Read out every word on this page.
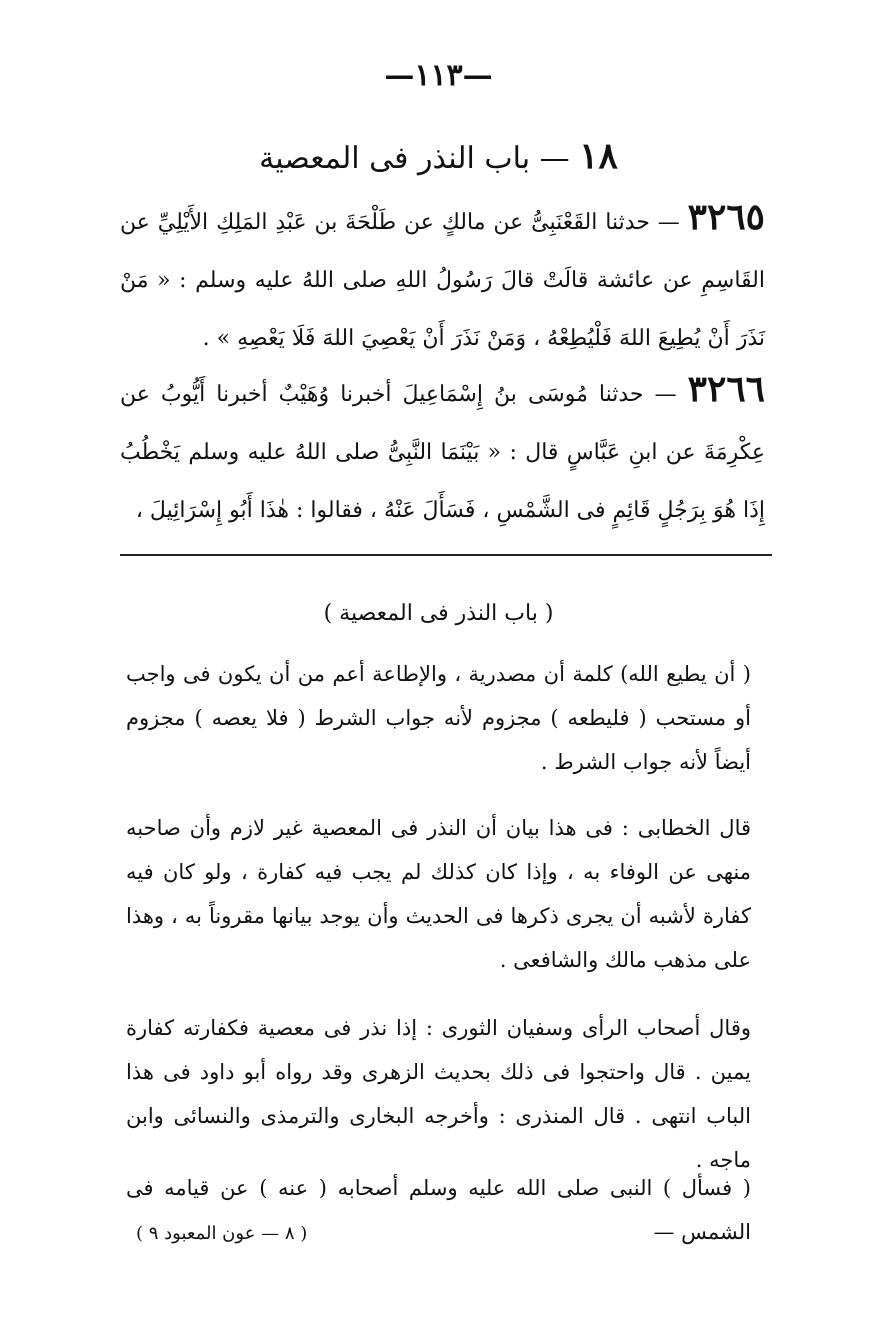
—١١٣—
١٨ — باب النذر فى المعصية
٣٢٦٥ — حدثنا القَعْنَبِىُّ عن مالكٍ عن طَلْحَةَ بن عَبْدِ المَلِكِ الأَيْلِيِّ عن القَاسِمِ عن عائشة قالَتْ قالَ رَسُولُ اللهِ صلى اللهُ عليه وسلم : « مَنْ نَذَرَ أَنْ يُطِيعَ اللهَ فَلْيُطِعْهُ ، وَمَنْ نَذَرَ أَنْ يَعْصِيَ اللهَ فَلَا يَعْصِهِ » .
٣٢٦٦ — حدثنا مُوسَى بنُ إِسْمَاعِيلَ أخبرنا وُهَيْبٌ أخبرنا أَيُّوبُ عن عِكْرِمَةَ عن ابنِ عَبَّاسٍ قال : « بَيْنَمَا النَّبِىُّ صلى اللهُ عليه وسلم يَخْطُبُ إِذَا هُوَ بِرَجُلٍ قَائِمٍ فى الشَّمْسِ ، فَسَأَلَ عَنْهُ ، فقالوا : هٰذَا أَبُو إِسْرَائِيلَ ،
( باب النذر فى المعصية )
( أن يطيع الله) كلمة أن مصدرية ، والإطاعة أعم من أن يكون فى واجب أو مستحب ( فليطعه ) مجزوم لأنه جواب الشرط ( فلا يعصه ) مجزوم أيضاً لأنه جواب الشرط .
قال الخطابى : فى هذا بيان أن النذر فى المعصية غير لازم وأن صاحبه منهى عن الوفاء به ، وإذا كان كذلك لم يجب فيه كفارة ، ولو كان فيه كفارة لأشبه أن يجرى ذكرها فى الحديث وأن يوجد بيانها مقروناً به ، وهذا على مذهب مالك والشافعى .
وقال أصحاب الرأى وسفيان الثورى : إذا نذر فى معصية فكفارته كفارة يمين . قال واحتجوا فى ذلك بحديث الزهرى وقد رواه أبو داود فى هذا الباب انتهى . قال المنذرى : وأخرجه البخارى والترمذى والنسائى وابن ماجه .
( فسأل ) النبى صلى الله عليه وسلم أصحابه ( عنه ) عن قيامه فى الشمس —
( ٨ — عون المعبود ٩ )
